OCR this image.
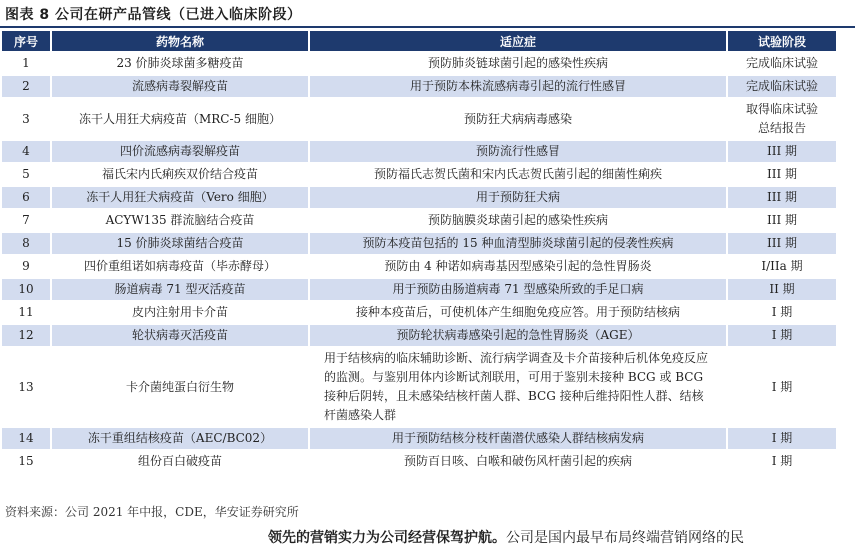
图表 8 公司在研产品管线（已进入临床阶段）
序号	药物名称	适应症	试验阶段
1	23 价肺炎球菌多糖疫苗	预防肺炎链球菌引起的感染性疾病	完成临床试验
2	流感病毒裂解疫苗	用于预防本株流感病毒引起的流行性感冒	完成临床试验
3	冻干人用狂犬病疫苗（MRC-5 细胞）	预防狂犬病病毒感染	取得临床试验总结报告
4	四价流感病毒裂解疫苗	预防流行性感冒	III 期
5	福氏宋内氏痢疾双价结合疫苗	预防福氏志贺氏菌和宋内氏志贺氏菌引起的细菌性痢疾	III 期
6	冻干人用狂犬病疫苗（Vero 细胞）	用于预防狂犬病	III 期
7	ACYW135 群流脑结合疫苗	预防脑膜炎球菌引起的感染性疾病	III 期
8	15 价肺炎球菌结合疫苗	预防本疫苗包括的 15 种血清型肺炎球菌引起的侵袭性疾病	III 期
9	四价重组诺如病毒疫苗（毕赤酵母）	预防由 4 种诺如病毒基因型感染引起的急性胃肠炎	I/IIa 期
10	肠道病毒 71 型灭活疫苗	用于预防由肠道病毒 71 型感染所致的手足口病	II 期
11	皮内注射用卡介苗	接种本疫苗后，可使机体产生细胞免疫应答。用于预防结核病	I 期
12	轮状病毒灭活疫苗	预防轮状病毒感染引起的急性胃肠炎（AGE）	I 期
13	卡介菌纯蛋白衍生物	用于结核病的临床辅助诊断、流行病学调查及卡介苗接种后机体免疫反应的监测。与鉴别用体内诊断试剂联用，可用于鉴别未接种 BCG 或 BCG 接种后阴转，且未感染结核杆菌人群、BCG 接种后维持阳性人群、结核杆菌感染人群	I 期
14	冻干重组结核疫苗（AEC/BC02）	用于预防结核分枝杆菌潜伏感染人群结核病发病	I 期
15	组份百白破疫苗	预防百日咳、白喉和破伤风杆菌引起的疾病	I 期
资料来源：公司 2021 年中报，CDE，华安证券研究所
领先的营销实力为公司经营保驾护航。公司是国内最早布局终端营销网络的民
